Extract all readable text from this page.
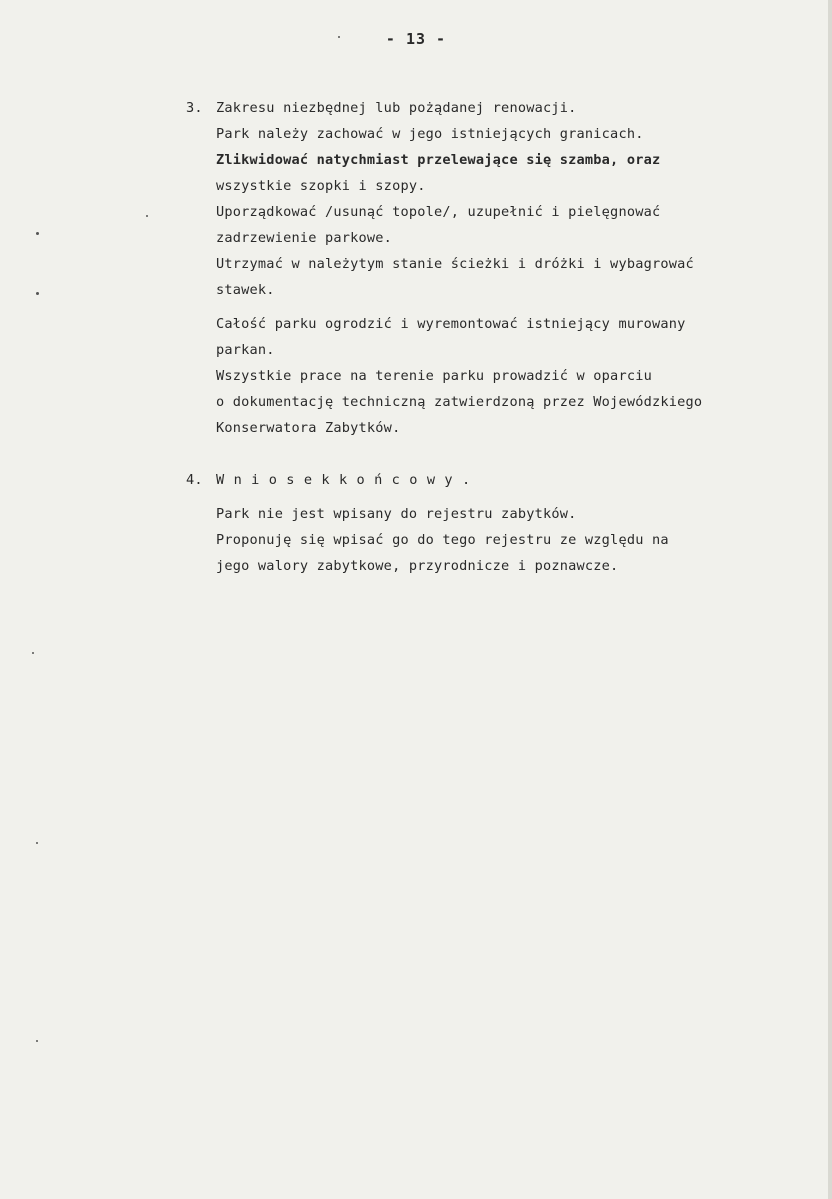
- 13 -
3. Zakresu niezbędnej lub pożądanej renowacji.
Park należy zachować w jego istniejących granicach.
Zlikwidować natychmiast przelewające się szamba, oraz
wszystkie szopki i szopy.
Uporządkować /usunąć topole/, uzupełnić i pielęgnować
zadrzewienie parkowe.
Utrzymać w należytym stanie ścieżki i dróżki i wybagrować
stawek.
Całość parku ogrodzić i wyremontować istniejący murowany
parkan.
Wszystkie prace na terenie parku prowadzić w oparciu
o dokumentację techniczną zatwierdzoną przez Wojewódzkiego
Konserwatora Zabytków.
4. W n i o s e k k o ń c o w y .
Park nie jest wpisany do rejestru zabytków.
Proponuję się wpisać go do tego rejestru ze względu na
jego walory zabytkowe, przyrodnicze i poznawcze.
